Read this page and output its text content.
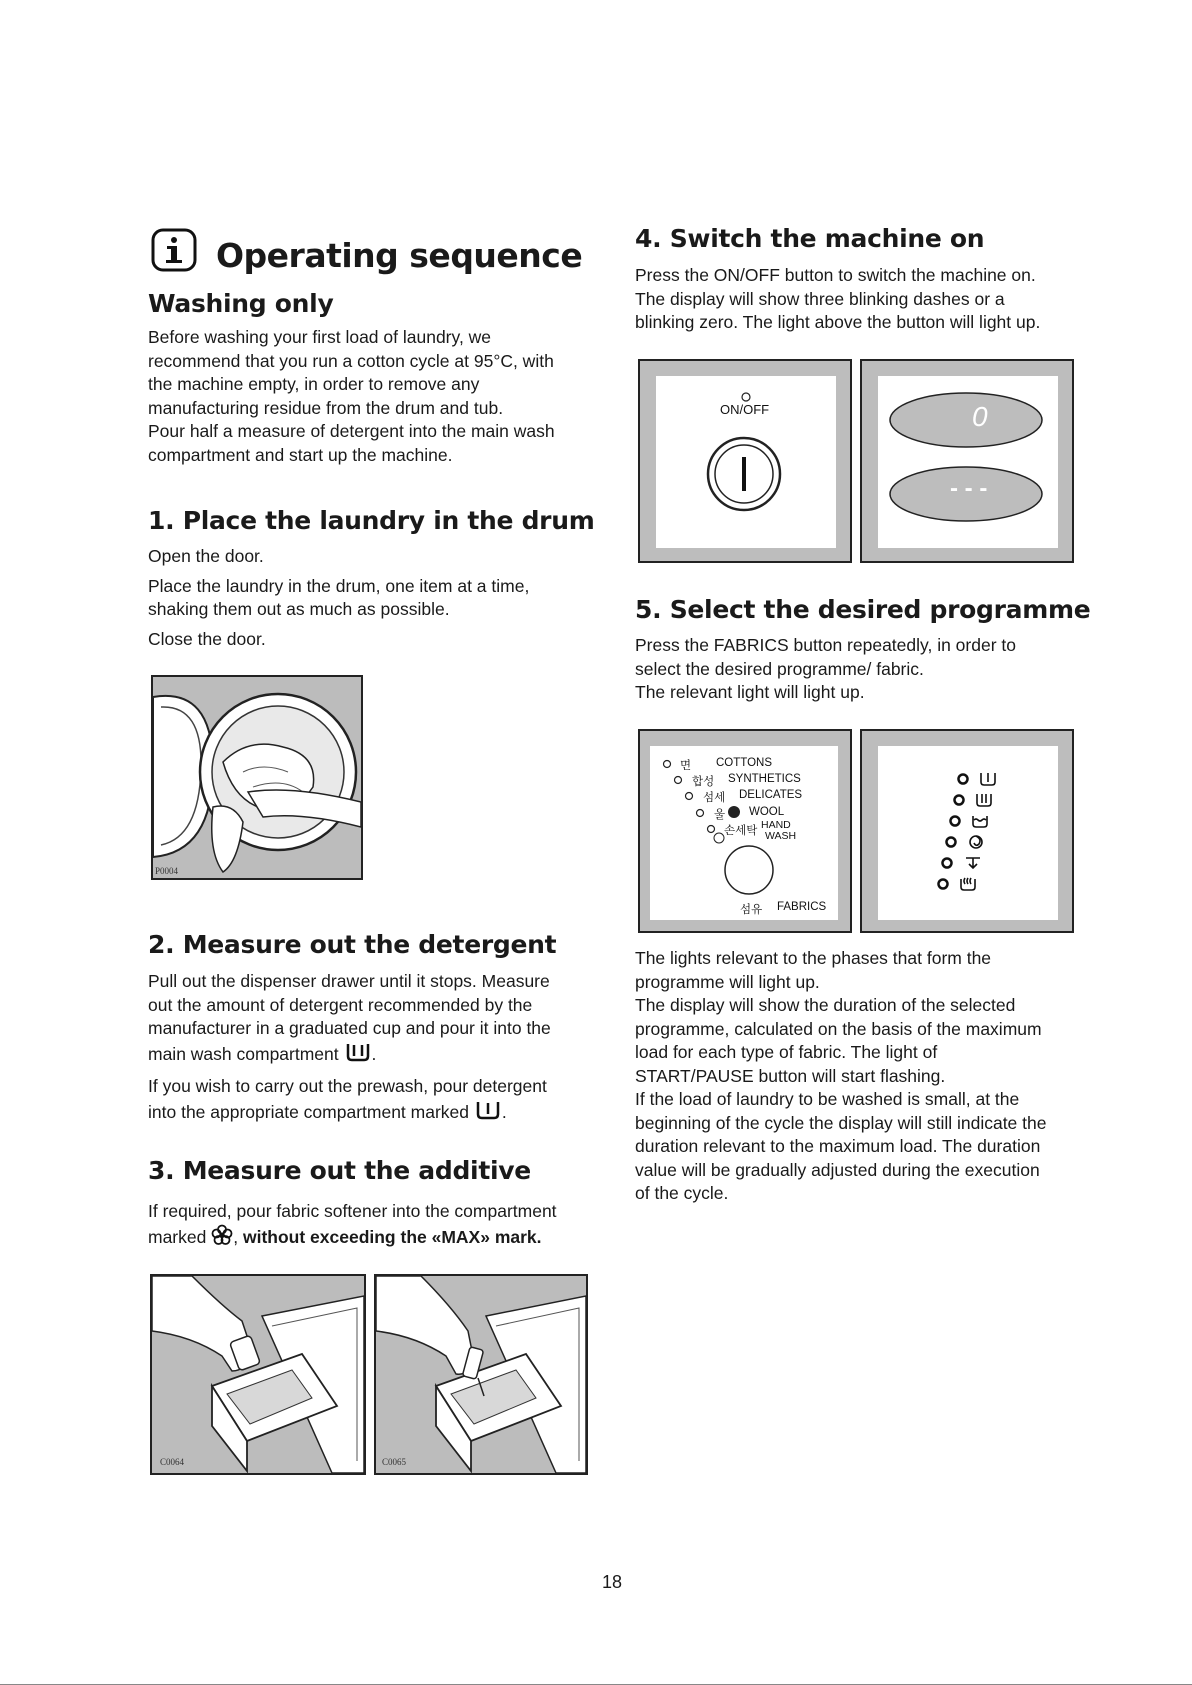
Operating sequence
Washing only
Before washing your first load of laundry, we
recommend that you run a cotton cycle at 95°C, with
the machine empty, in order to remove any
manufacturing residue from the drum and tub.
Pour half a measure of detergent into the main wash
compartment and start up the machine.
1. Place the laundry in the drum
Open the door.
Place the laundry in the drum, one item at a time,
shaking them out as much as possible.
Close the door.
P0004
2. Measure out the detergent
Pull out the dispenser drawer until it stops. Measure
out the amount of detergent recommended by the
manufacturer in a graduated cup and pour it into the
main wash compartment .
If you wish to carry out the prewash, pour detergent
into the appropriate compartment marked .
3. Measure out the additive
If required, pour fabric softener into the compartment
marked , without exceeding the «MAX» mark.
C0064	C0065
4. Switch the machine on
Press the ON/OFF button to switch the machine on.
The display will show three blinking dashes or a
blinking zero. The light above the button will light up.
ON/OFF	0
- - -
5. Select the desired programme
Press the FABRICS button repeatedly, in order to
select the desired programme/ fabric.
The relevant light will light up.
면 COTTONS
합성 SYNTHETICS
섬세 DELICATES
울 WOOL
손세탁 HAND
WASH
섬유 FABRICS
The lights relevant to the phases that form the
programme will light up.
The display will show the duration of the selected
programme, calculated on the basis of the maximum
load for each type of fabric. The light of
START/PAUSE button will start flashing.
If the load of laundry to be washed is small, at the
beginning of the cycle the display will still indicate the
duration relevant to the maximum load. The duration
value will be gradually adjusted during the execution
of the cycle.
18
